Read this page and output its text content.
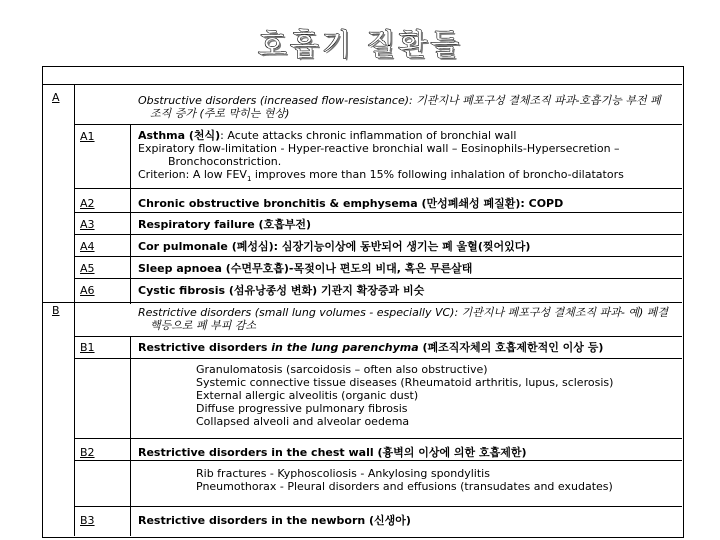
호흡기 질환들
A	Obstructive disorders (increased flow-resistance): 기관지나 폐포구성 결체조직 파과-호흡기능 부전 폐
조직 증가 (주로 막히는 현상)
A1	Asthma (천식): Acute attacks chronic inflammation of bronchial wall
Expiratory flow-limitation - Hyper-reactive bronchial wall – Eosinophils-Hypersecretion –
Bronchoconstriction.
Criterion: A low $FEV_1$ improves more than 15% following inhalation of broncho-dilatators
A2	Chronic obstructive bronchitis & emphysema (만성폐쇄성 폐질환): COPD
A3	Respiratory failure (호흡부전)
A4	Cor pulmonale (폐성심): 심장기능이상에 동반되어 생기는 폐 울혈(찢어있다)
A5	Sleep apnoea (수면무호흡)-목젖이나 편도의 비대, 혹은 무른살태
A6	Cystic fibrosis (섬유낭종성 변화) 기관지 확장증과 비슷
B	Restrictive disorders (small lung volumes - especially VC): 기관지나 폐포구성 결체조직 파과- 예) 폐결
핵등으로 폐 부피 감소
B1	Restrictive disorders in the lung parenchyma (폐조직자체의 호흡제한적인 이상 등)
Granulomatosis (sarcoidosis – often also obstructive)
Systemic connective tissue diseases (Rheumatoid arthritis, lupus, sclerosis)
External allergic alveolitis (organic dust)
Diffuse progressive pulmonary fibrosis
Collapsed alveoli and alveolar oedema
B2	Restrictive disorders in the chest wall (흉벽의 이상에 의한 호흡제한)
Rib fractures - Kyphoscoliosis - Ankylosing spondylitis
Pneumothorax - Pleural disorders and effusions (transudates and exudates)
B3	Restrictive disorders in the newborn (신생아)
